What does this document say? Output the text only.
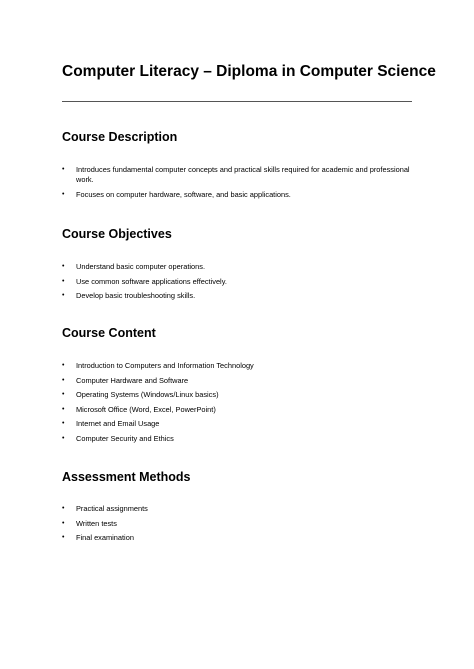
Computer Literacy – Diploma in Computer Science
Course Description
• Introduces fundamental computer concepts and practical skills required for academic and professional work.
• Focuses on computer hardware, software, and basic applications.
Course Objectives
• Understand basic computer operations.
• Use common software applications effectively.
• Develop basic troubleshooting skills.
Course Content
• Introduction to Computers and Information Technology
• Computer Hardware and Software
• Operating Systems (Windows/Linux basics)
• Microsoft Office (Word, Excel, PowerPoint)
• Internet and Email Usage
• Computer Security and Ethics
Assessment Methods
• Practical assignments
• Written tests
• Final examination
